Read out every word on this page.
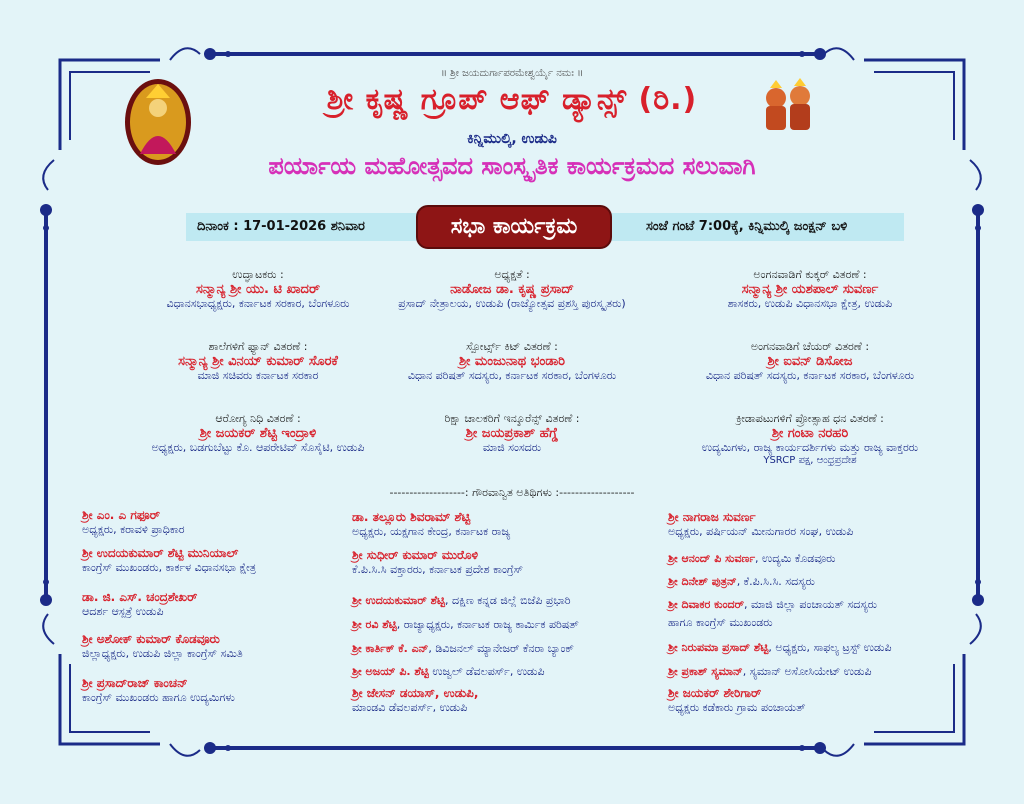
॥ ಶ್ರೀ ಜಯದುರ್ಗಾಪರಮೇಶ್ವರ್ಯೈ ನಮಃ ॥
ಶ್ರೀ ಕೃಷ್ಣ ಗ್ರೂಪ್ ಆಫ್ ಡ್ಯಾನ್ಸ್ (ರಿ.)
ಕಿನ್ನಿಮುಲ್ಕಿ, ಉಡುಪಿ
ಪರ್ಯಾಯ ಮಹೋತ್ಸವದ ಸಾಂಸ್ಕೃತಿಕ ಕಾರ್ಯಕ್ರಮದ ಸಲುವಾಗಿ
ದಿನಾಂಕ : 17-01-2026 ಶನಿವಾರ	ಸಂಜೆ ಗಂಟೆ 7:00ಕ್ಕೆ, ಕಿನ್ನಿಮುಲ್ಕಿ ಜಂಕ್ಷನ್ ಬಳಿ
ಸಭಾ ಕಾರ್ಯಕ್ರಮ
ಉದ್ಘಾಟಕರು :
ಸನ್ಮಾನ್ಯ ಶ್ರೀ ಯು. ಟಿ ಖಾದರ್
ವಿಧಾನಸಭಾಧ್ಯಕ್ಷರು, ಕರ್ನಾಟಕ ಸರಕಾರ, ಬೆಂಗಳೂರು
ಅಧ್ಯಕ್ಷತೆ :
ನಾಡೋಜ ಡಾ. ಕೃಷ್ಣ ಪ್ರಸಾದ್
ಪ್ರಸಾದ್ ನೇತ್ರಾಲಯ, ಉಡುಪಿ (ರಾಜ್ಯೋತ್ಸವ ಪ್ರಶಸ್ತಿ ಪುರಸ್ಕೃತರು)
ಅಂಗನವಾಡಿಗೆ ಕುಕ್ಕರ್ ವಿತರಣೆ :
ಸನ್ಮಾನ್ಯ ಶ್ರೀ ಯಶಪಾಲ್ ಸುವರ್ಣ
ಶಾಸಕರು, ಉಡುಪಿ ವಿಧಾನಸಭಾ ಕ್ಷೇತ್ರ, ಉಡುಪಿ
ಶಾಲೆಗಳಿಗೆ ಫ್ಯಾನ್ ವಿತರಣೆ :
ಸನ್ಮಾನ್ಯ ಶ್ರೀ ವಿನಯ್ ಕುಮಾರ್ ಸೊರಕೆ
ಮಾಜಿ ಸಚಿವರು ಕರ್ನಾಟಕ ಸರಕಾರ
ಸ್ಪೋರ್ಟ್ಸ್ ಕಿಟ್ ವಿತರಣೆ :
ಶ್ರೀ ಮಂಜುನಾಥ ಭಂಡಾರಿ
ವಿಧಾನ ಪರಿಷತ್ ಸದಸ್ಯರು, ಕರ್ನಾಟಕ ಸರಕಾರ, ಬೆಂಗಳೂರು
ಅಂಗನವಾಡಿಗೆ ಚೆಯರ್ ವಿತರಣೆ :
ಶ್ರೀ ಐವನ್ ಡಿಸೋಜ
ವಿಧಾನ ಪರಿಷತ್ ಸದಸ್ಯರು, ಕರ್ನಾಟಕ ಸರಕಾರ, ಬೆಂಗಳೂರು
ಆರೋಗ್ಯ ನಿಧಿ ವಿತರಣೆ :
ಶ್ರೀ ಜಯಕರ್ ಶೆಟ್ಟಿ ಇಂದ್ರಾಳಿ
ಅಧ್ಯಕ್ಷರು, ಬಡಗುಬೆಟ್ಟು ಕೊ. ಆಪರೇಟಿವ್ ಸೊಸೈಟಿ, ಉಡುಪಿ
ರಿಕ್ಷಾ ಚಾಲಕರಿಗೆ ಇನ್ಶೂರೆನ್ಸ್ ವಿತರಣೆ :
ಶ್ರೀ ಜಯಪ್ರಕಾಶ್ ಹೆಗ್ಡೆ
ಮಾಜಿ ಸಂಸದರು
ಕ್ರೀಡಾಪಟುಗಳಿಗೆ ಪ್ರೋತ್ಸಾಹ ಧನ ವಿತರಣೆ :
ಶ್ರೀ ಗಂಟಾ ನರಹರಿ
ಉದ್ಯಮಿಗಳು, ರಾಜ್ಯ ಕಾರ್ಯದರ್ಶಿಗಳು ಮತ್ತು ರಾಜ್ಯ ವಾಕ್ತರರು
YSRCP ಪಕ್ಷ, ಆಂಧ್ರಪ್ರದೇಶ
-------------------: ಗೌರವಾನ್ವಿತ ಅತಿಥಿಗಳು :-------------------
ಶ್ರೀ ಎಂ. ಎ ಗಫೂರ್
ಅಧ್ಯಕ್ಷರು, ಕರಾವಳಿ ಪ್ರಾಧಿಕಾರ
ಶ್ರೀ ಉದಯಕುಮಾರ್ ಶೆಟ್ಟಿ ಮುನಿಯಾಲ್
ಕಾಂಗ್ರೆಸ್ ಮುಖಂಡರು, ಕಾರ್ಕಳ ವಿಧಾನಸಭಾ ಕ್ಷೇತ್ರ
ಡಾ. ಜಿ. ಎಸ್. ಚಂದ್ರಶೇಖರ್
ಆದರ್ಶ ಆಸ್ಪತ್ರೆ ಉಡುಪಿ
ಶ್ರೀ ಅಶೋಕ್ ಕುಮಾರ್ ಕೊಡವೂರು
ಜಿಲ್ಲಾಧ್ಯಕ್ಷರು, ಉಡುಪಿ ಜಿಲ್ಲಾ ಕಾಂಗ್ರೆಸ್ ಸಮಿತಿ
ಶ್ರೀ ಪ್ರಸಾದ್‌ರಾಜ್ ಕಾಂಚನ್
ಕಾಂಗ್ರೆಸ್ ಮುಖಂಡರು ಹಾಗೂ ಉದ್ಯಮಿಗಳು
ಡಾ. ತಲ್ಲೂರು ಶಿವರಾಮ್ ಶೆಟ್ಟಿ
ಅಧ್ಯಕ್ಷರು, ಯಕ್ಷಗಾನ ಕೇಂದ್ರ, ಕರ್ನಾಟಕ ರಾಜ್ಯ
ಶ್ರೀ ಸುಧೀರ್ ಕುಮಾರ್ ಮುರೊಳಿ
ಕೆ.ಪಿ.ಸಿ.ಸಿ ವಕ್ತಾರರು, ಕರ್ನಾಟಕ ಪ್ರದೇಶ ಕಾಂಗ್ರೆಸ್
ಶ್ರೀ ಉದಯಕುಮಾರ್ ಶೆಟ್ಟಿ, ದಕ್ಷಿಣ ಕನ್ನಡ ಜಿಲ್ಲೆ ಬಿಜೆಪಿ ಪ್ರಭಾರಿ
ಶ್ರೀ ರವಿ ಶೆಟ್ಟಿ, ರಾಜ್ಯಾಧ್ಯಕ್ಷರು, ಕರ್ನಾಟಕ ರಾಜ್ಯ ಕಾರ್ಮಿಕ ಪರಿಷತ್
ಶ್ರೀ ಕಾರ್ತಿಕ್ ಕೆ. ಎನ್, ಡಿವಿಜನಲ್ ಮ್ಯಾನೇಜರ್ ಕೆನರಾ ಬ್ಯಾಂಕ್
ಶ್ರೀ ಅಜಯ್ ಪಿ. ಶೆಟ್ಟಿ ಉಜ್ವಲ್ ಡೆವಲಪರ್ಸ್, ಉಡುಪಿ
ಶ್ರೀ ಜೇಸನ್ ಡಯಾಸ್, ಉಡುಪಿ,
ಮಾಂಡವಿ ಡೆವಲಪರ್ಸ್, ಉಡುಪಿ
ಶ್ರೀ ನಾಗರಾಜ ಸುವರ್ಣ
ಅಧ್ಯಕ್ಷರು, ಪರ್ಷಿಯನ್ ಮೀನುಗಾರರ ಸಂಘ, ಉಡುಪಿ
ಶ್ರೀ ಆನಂದ್ ಪಿ ಸುವರ್ಣ, ಉದ್ಯಮಿ ಕೊಡವೂರು
ಶ್ರೀ ದಿನೇಶ್ ಪುತ್ರನ್, ಕೆ.ಪಿ.ಸಿ.ಸಿ. ಸದಸ್ಯರು
ಶ್ರೀ ದಿವಾಕರ ಕುಂದರ್, ಮಾಜಿ ಜಿಲ್ಲಾ ಪಂಚಾಯತ್ ಸದಸ್ಯರು
ಹಾಗೂ ಕಾಂಗ್ರೆಸ್ ಮುಖಂಡರು
ಶ್ರೀ ನಿರುಪಮಾ ಪ್ರಸಾದ್ ಶೆಟ್ಟಿ, ಅಧ್ಯಕ್ಷರು, ಸಾಫಲ್ಯ ಟ್ರಸ್ಟ್ ಉಡುಪಿ
ಶ್ರೀ ಪ್ರಕಾಶ್ ಸ್ಯಮಾನ್, ಸ್ಯಮಾನ್ ಅಸೋಸಿಯೇಟ್ ಉಡುಪಿ
ಶ್ರೀ ಜಯಕರ್ ಶೇರಿಗಾರ್
ಅಧ್ಯಕ್ಷರು ಕಡೆಕಾರು ಗ್ರಾಮ ಪಂಚಾಯತ್
